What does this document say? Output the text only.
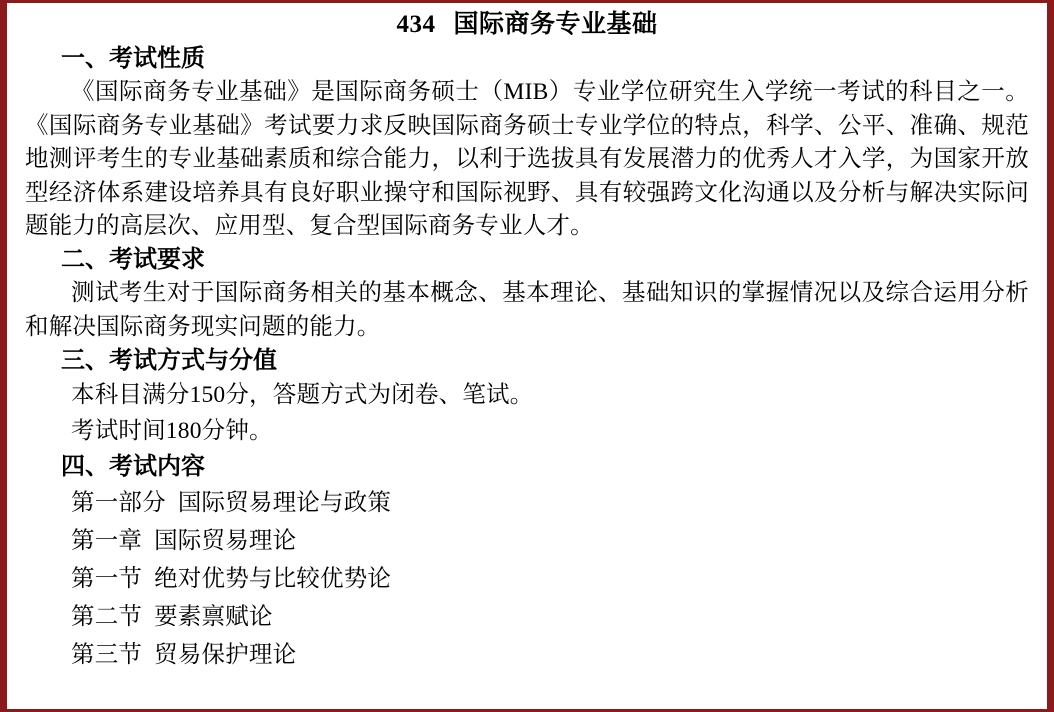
434 国际商务专业基础
一、考试性质
《国际商务专业基础》是国际商务硕士（MIB）专业学位研究生入学统一考试的科目之一。《国际商务专业基础》考试要力求反映国际商务硕士专业学位的特点，科学、公平、准确、规范地测评考生的专业基础素质和综合能力，以利于选拔具有发展潜力的优秀人才入学，为国家开放型经济体系建设培养具有良好职业操守和国际视野、具有较强跨文化沟通以及分析与解决实际问题能力的高层次、应用型、复合型国际商务专业人才。
二、考试要求
测试考生对于国际商务相关的基本概念、基本理论、基础知识的掌握情况以及综合运用分析和解决国际商务现实问题的能力。
三、考试方式与分值
本科目满分150分，答题方式为闭卷、笔试。
考试时间180分钟。
四、考试内容
第一部分 国际贸易理论与政策
第一章 国际贸易理论
第一节 绝对优势与比较优势论
第二节 要素禀赋论
第三节 贸易保护理论
